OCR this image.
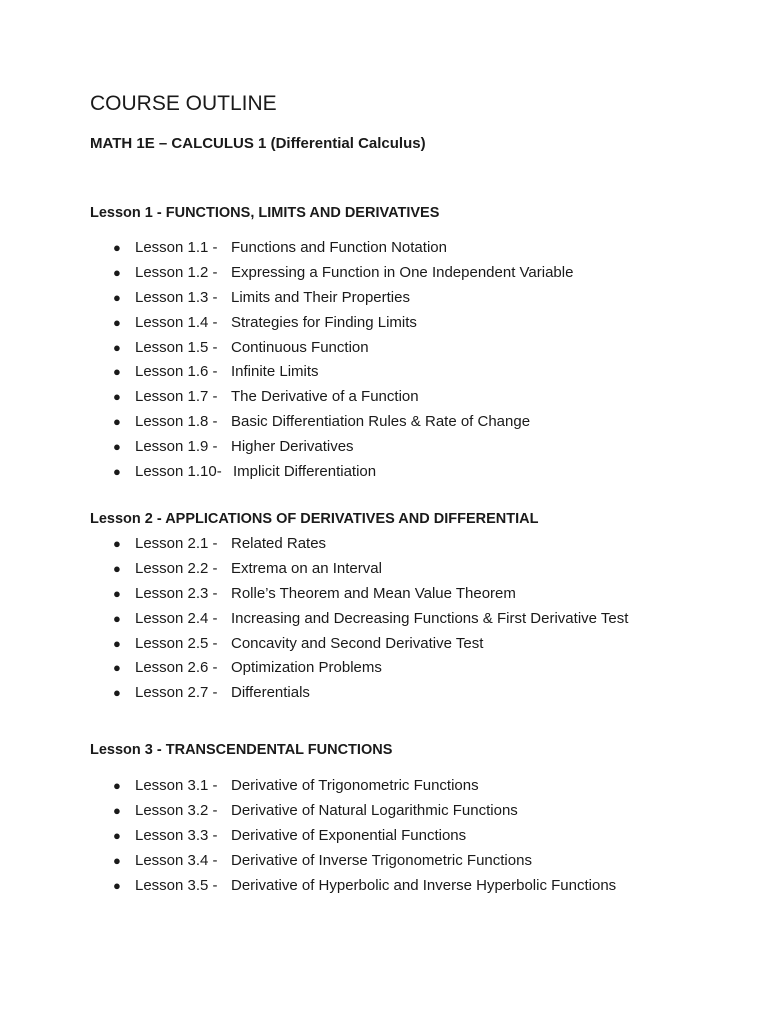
COURSE OUTLINE
MATH 1E – CALCULUS 1 (Differential Calculus)
Lesson 1 - FUNCTIONS, LIMITS AND DERIVATIVES
● Lesson 1.1 - Functions and Function Notation
● Lesson 1.2 - Expressing a Function in One Independent Variable
● Lesson 1.3 - Limits and Their Properties
● Lesson 1.4 - Strategies for Finding Limits
● Lesson 1.5 - Continuous Function
● Lesson 1.6 - Infinite Limits
● Lesson 1.7 - The Derivative of a Function
● Lesson 1.8 - Basic Differentiation Rules & Rate of Change
● Lesson 1.9 - Higher Derivatives
● Lesson 1.10- Implicit Differentiation
Lesson 2 - APPLICATIONS OF DERIVATIVES AND DIFFERENTIAL
● Lesson 2.1 - Related Rates
● Lesson 2.2 - Extrema on an Interval
● Lesson 2.3 - Rolle’s Theorem and Mean Value Theorem
● Lesson 2.4 - Increasing and Decreasing Functions & First Derivative Test
● Lesson 2.5 - Concavity and Second Derivative Test
● Lesson 2.6 - Optimization Problems
● Lesson 2.7 - Differentials
Lesson 3 - TRANSCENDENTAL FUNCTIONS
● Lesson 3.1 - Derivative of Trigonometric Functions
● Lesson 3.2 - Derivative of Natural Logarithmic Functions
● Lesson 3.3 - Derivative of Exponential Functions
● Lesson 3.4 - Derivative of Inverse Trigonometric Functions
● Lesson 3.5 - Derivative of Hyperbolic and Inverse Hyperbolic Functions
